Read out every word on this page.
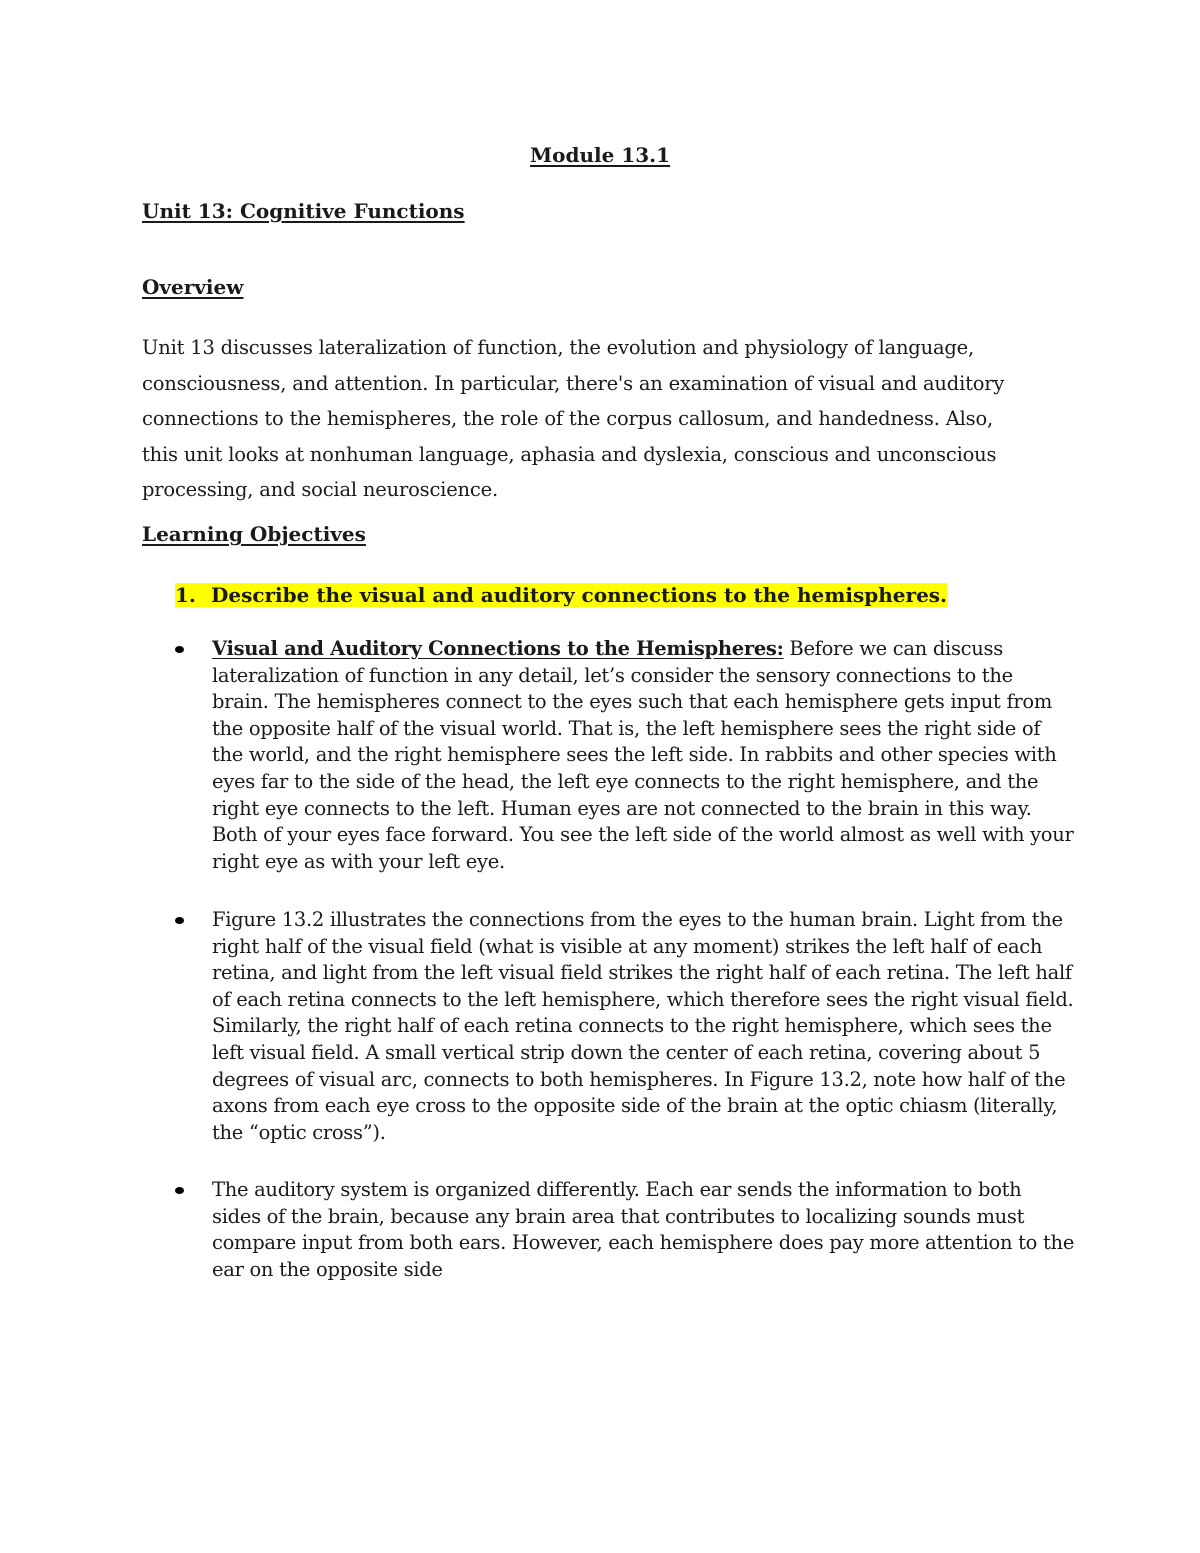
Module 13.1
Unit 13: Cognitive Functions
Overview

Unit 13 discusses lateralization of function, the evolution and physiology of language, consciousness, and attention. In particular, there's an examination of visual and auditory connections to the hemispheres, the role of the corpus callosum, and handedness. Also, this unit looks at nonhuman language, aphasia and dyslexia, conscious and unconscious processing, and social neuroscience.

Learning Objectives

1. Describe the visual and auditory connections to the hemispheres.

Visual and Auditory Connections to the Hemispheres: Before we can discuss lateralization of function in any detail, let’s consider the sensory connections to the brain. The hemispheres connect to the eyes such that each hemisphere gets input from the opposite half of the visual world. That is, the left hemisphere sees the right side of the world, and the right hemisphere sees the left side. In rabbits and other species with eyes far to the side of the head, the left eye connects to the right hemisphere, and the right eye connects to the left. Human eyes are not connected to the brain in this way. Both of your eyes face forward. You see the left side of the world almost as well with your right eye as with your left eye.
Figure 13.2 illustrates the connections from the eyes to the human brain. Light from the right half of the visual field (what is visible at any moment) strikes the left half of each retina, and light from the left visual field strikes the right half of each retina. The left half of each retina connects to the left hemisphere, which therefore sees the right visual field. Similarly, the right half of each retina connects to the right hemisphere, which sees the left visual field. A small vertical strip down the center of each retina, covering about 5 degrees of visual arc, connects to both hemispheres. In Figure 13.2, note how half of the axons from each eye cross to the opposite side of the brain at the optic chiasm (literally, the “optic cross”).
The auditory system is organized differently. Each ear sends the information to both sides of the brain, because any brain area that contributes to localizing sounds must compare input from both ears. However, each hemisphere does pay more attention to the ear on the opposite side
